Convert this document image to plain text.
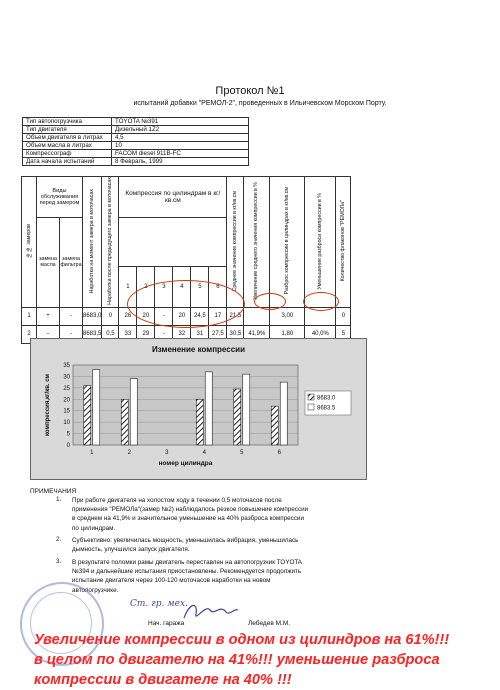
Протокол №1
испытаний добавки "РЕМОЛ-2", проведенных в Ильичевском Морском Порту.
Тип автопогрузчика	TOYOTA №391
Тип двигателя	Дизельный 1Z2
Объем двигателя в литрах	4,5
Объем масла в литрах	10
Компрессограф	FACOM diesel 911B-FC
Дата начала испытаний	8 Февраль, 1999
№№ замеров	Виды обслуживания перед замером		Наработка на момент замера в моточасах	Наработка после предыдущего замера в моточасах	Компрессия по цилиндрам в кг/кв.см						Среднее значение компрессии в кг/кв.см	Увеличение среднего значения компрессии в %	Разброс компрессии в цилиндрах в кг/кв.см	Уменьшение разброса компрессии в %	Количество флаконов "РЕМОЛа"
	замена масла	замена фильтра													
					1	2	3	4	5	6					
1	+	-	8683,0	0	26	20	-	20	24,5	17	21,5		3,00		0
2	-	-	8683,5	0,5	33	29	-	32	31	27,5	30,5	41,9%	1,80	40,0%	5
Изменение компрессии
0
5
10
15
20
25
30
35
1	2	3	4	5	6
номер цилиндра
компрессия,кг/кв. см	8683.0
8683.5
ПРИМЕЧАНИЯ
1. При работе двигателя на холостом ходу в течении 0,5 моточасов после
применения "РЕМОЛа"(замер №2) наблюдалось резкое повышение компрессии
в среднем на 41,9% и значительное уменьшение на 40% разброса компрессии
по цилиндрам.
2. Субъективно: увеличилась мощность, уменьшилась вибрация, уменьшилась
дымность, улучшился запуск двигателя.
3. В результате поломки рамы двигатель переставлен на автопогрузчик TOYOTA
№394 и дальнейшие испытания приостановлены. Рекомендуется продолжить
испытание двигателя через 100-120 моточасов наработки на новом
автопогрузчике.
Ст. гр. мех.
Нач. гаража	Лебедев М.М.
Увеличение компрессии в одном из цилиндров на 61%!!!
в целом по двигателю на 41%!!! уменьшение разброса
компрессии в двигателе на 40% !!!
